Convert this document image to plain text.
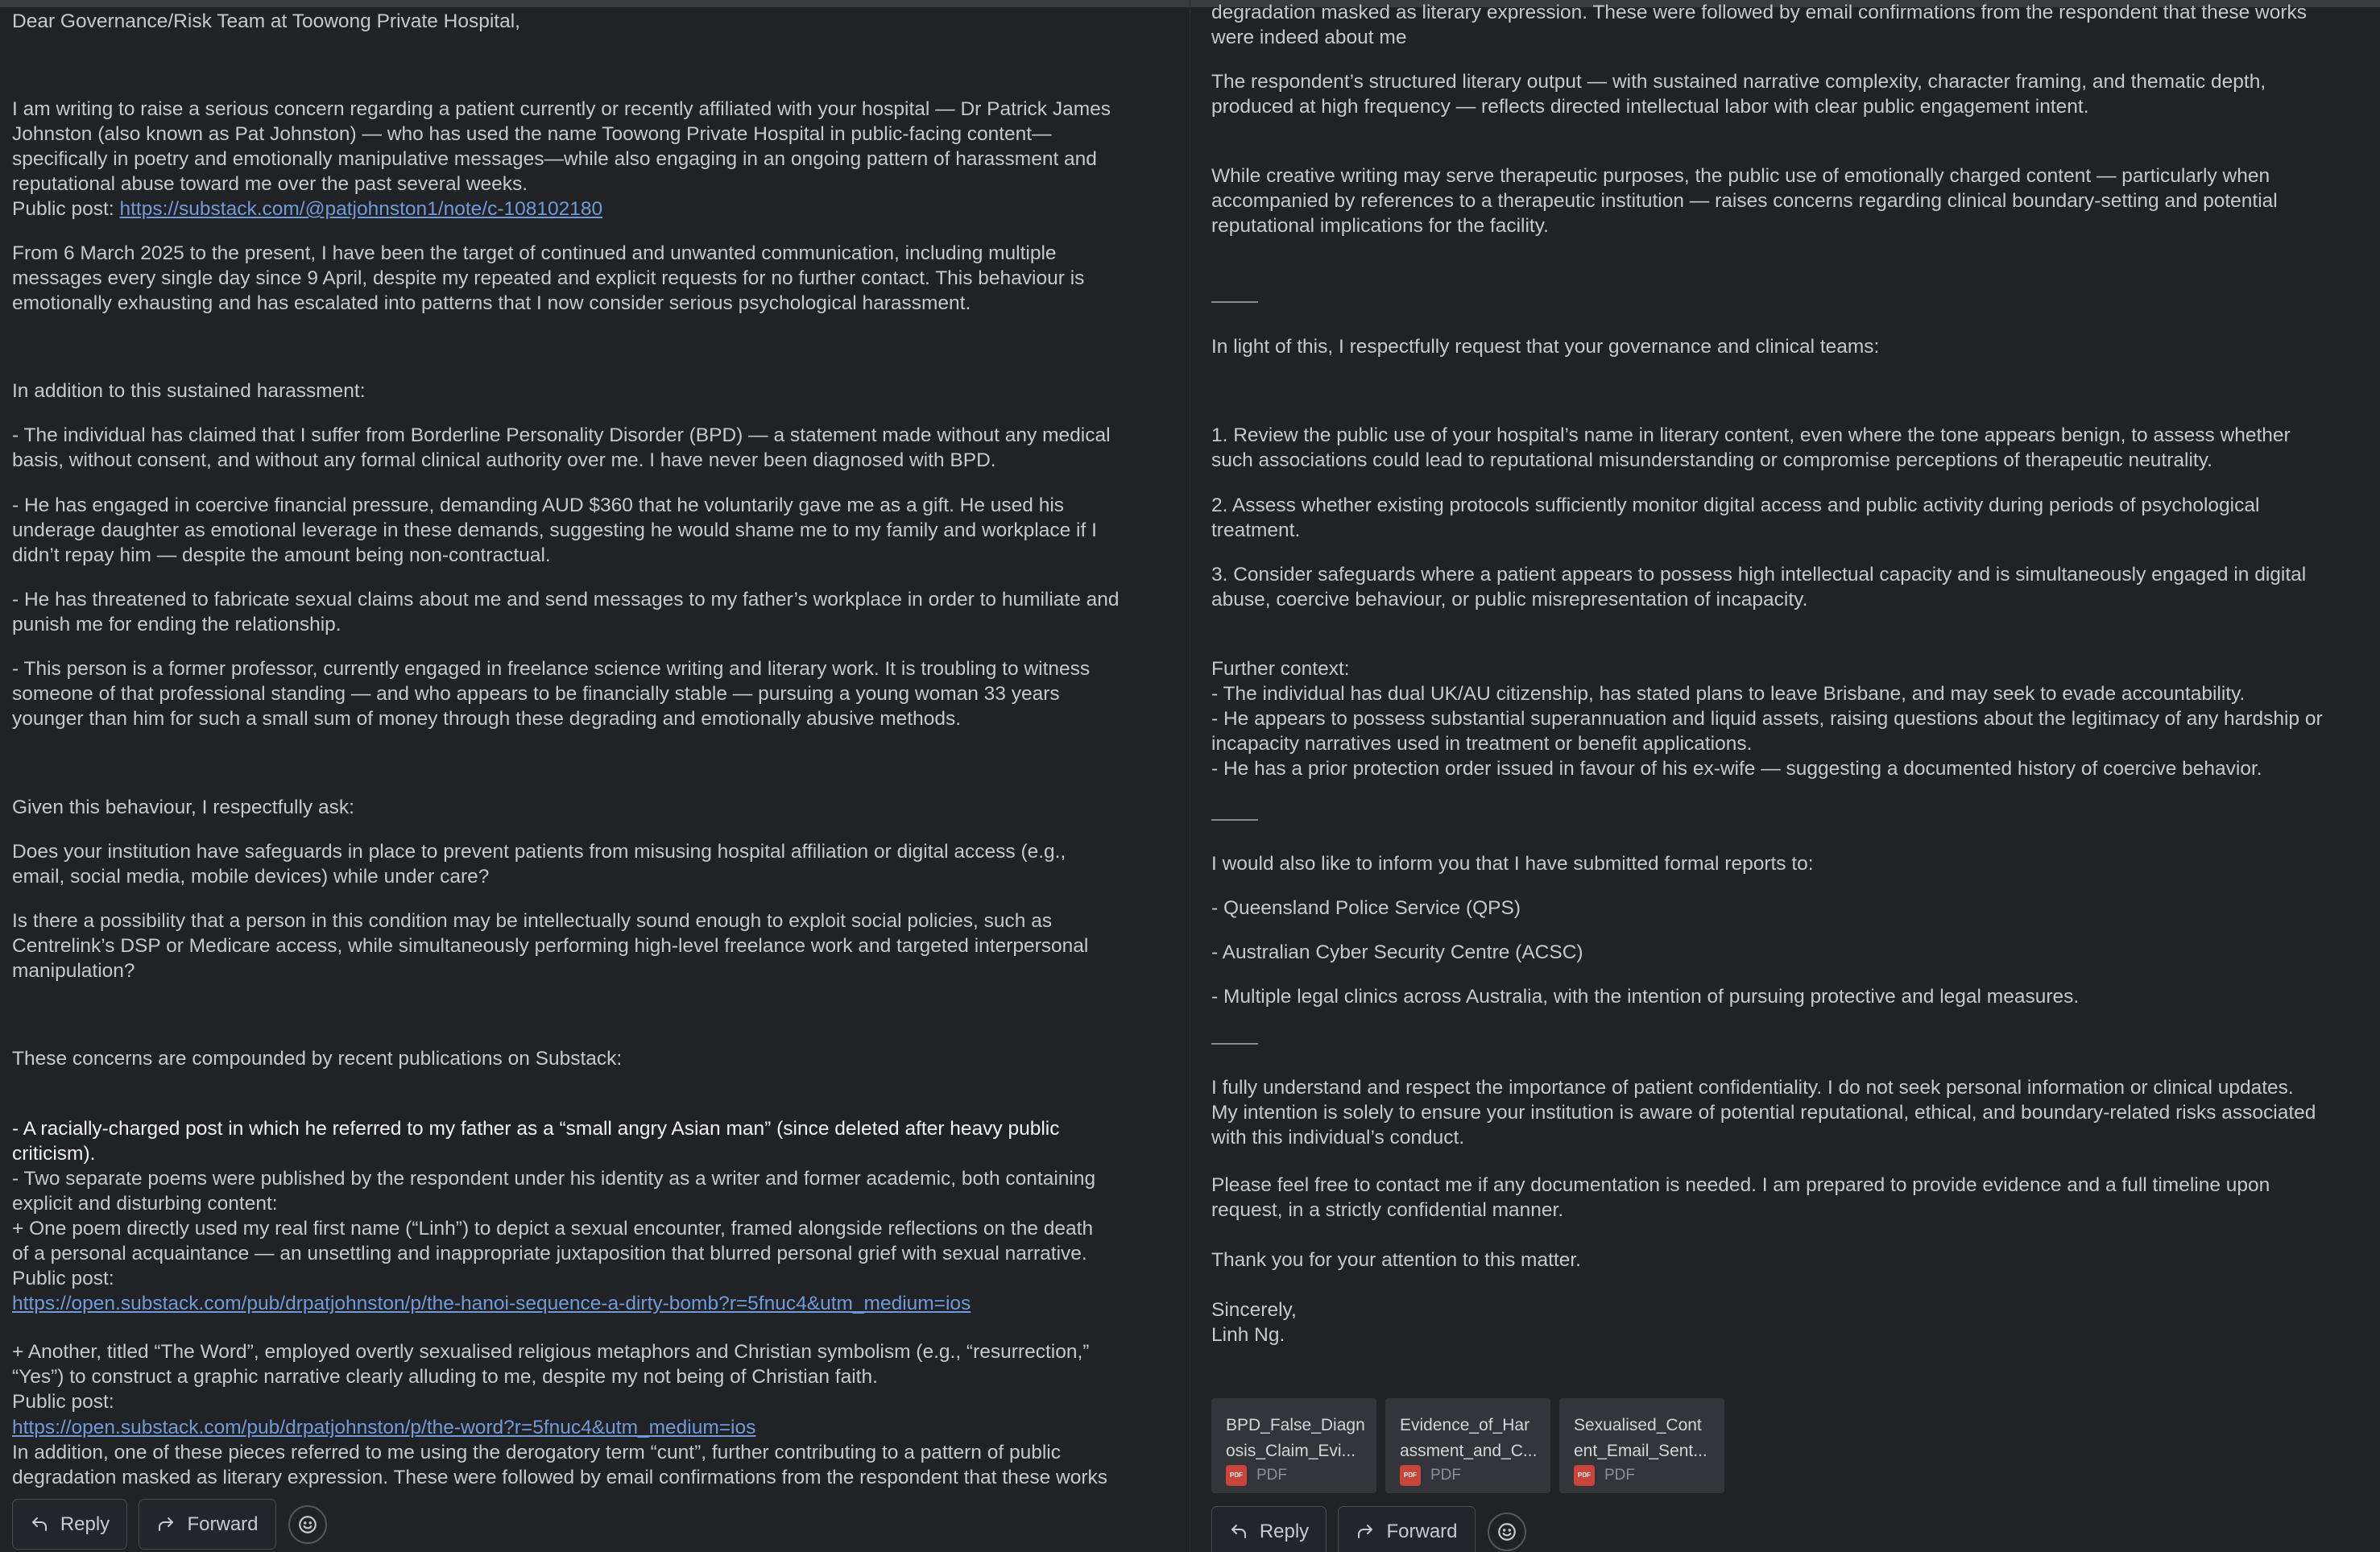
Dear Governance/Risk Team at Toowong Private Hospital,

I am writing to raise a serious concern regarding a patient currently or recently affiliated with your hospital — Dr Patrick James
Johnston (also known as Pat Johnston) — who has used the name Toowong Private Hospital in public-facing content—
specifically in poetry and emotionally manipulative messages—while also engaging in an ongoing pattern of harassment and
reputational abuse toward me over the past several weeks.

Public post: https://substack.com/@patjohnston1/note/c-108102180

From 6 March 2025 to the present, I have been the target of continued and unwanted communication, including multiple
messages every single day since 9 April, despite my repeated and explicit requests for no further contact. This behaviour is
emotionally exhausting and has escalated into patterns that I now consider serious psychological harassment.

In addition to this sustained harassment:

- The individual has claimed that I suffer from Borderline Personality Disorder (BPD) — a statement made without any medical
basis, without consent, and without any formal clinical authority over me. I have never been diagnosed with BPD.

- He has engaged in coercive financial pressure, demanding AUD $360 that he voluntarily gave me as a gift. He used his
underage daughter as emotional leverage in these demands, suggesting he would shame me to my family and workplace if I
didn’t repay him — despite the amount being non-contractual.

- He has threatened to fabricate sexual claims about me and send messages to my father’s workplace in order to humiliate and
punish me for ending the relationship.

- This person is a former professor, currently engaged in freelance science writing and literary work. It is troubling to witness
someone of that professional standing — and who appears to be financially stable — pursuing a young woman 33 years
younger than him for such a small sum of money through these degrading and emotionally abusive methods.

Given this behaviour, I respectfully ask:

Does your institution have safeguards in place to prevent patients from misusing hospital affiliation or digital access (e.g.,
email, social media, mobile devices) while under care?

Is there a possibility that a person in this condition may be intellectually sound enough to exploit social policies, such as
Centrelink’s DSP or Medicare access, while simultaneously performing high-level freelance work and targeted interpersonal
manipulation?

These concerns are compounded by recent publications on Substack:

- A racially-charged post in which he referred to my father as a “small angry Asian man” (since deleted after heavy public
criticism).

- Two separate poems were published by the respondent under his identity as a writer and former academic, both containing
explicit and disturbing content:
+ One poem directly used my real first name (“Linh”) to depict a sexual encounter, framed alongside reflections on the death
of a personal acquaintance — an unsettling and inappropriate juxtaposition that blurred personal grief with sexual narrative.
Public post:

https://open.substack.com/pub/drpatjohnston/p/the-hanoi-sequence-a-dirty-bomb?r=5fnuc4&utm_medium=ios

+ Another, titled “The Word”, employed overtly sexualised religious metaphors and Christian symbolism (e.g., “resurrection,”
“Yes”) to construct a graphic narrative clearly alluding to me, despite my not being of Christian faith.
Public post:

https://open.substack.com/pub/drpatjohnston/p/the-word?r=5fnuc4&utm_medium=ios

In addition, one of these pieces referred to me using the derogatory term “cunt”, further contributing to a pattern of public
degradation masked as literary expression. These were followed by email confirmations from the respondent that these works

Reply	Forward

degradation masked as literary expression. These were followed by email confirmations from the respondent that these works
were indeed about me

The respondent’s structured literary output — with sustained narrative complexity, character framing, and thematic depth,
produced at high frequency — reflects directed intellectual labor with clear public engagement intent.

While creative writing may serve therapeutic purposes, the public use of emotionally charged content — particularly when
accompanied by references to a therapeutic institution — raises concerns regarding clinical boundary-setting and potential
reputational implications for the facility.

In light of this, I respectfully request that your governance and clinical teams:

1. Review the public use of your hospital’s name in literary content, even where the tone appears benign, to assess whether
such associations could lead to reputational misunderstanding or compromise perceptions of therapeutic neutrality.

2. Assess whether existing protocols sufficiently monitor digital access and public activity during periods of psychological
treatment.

3. Consider safeguards where a patient appears to possess high intellectual capacity and is simultaneously engaged in digital
abuse, coercive behaviour, or public misrepresentation of incapacity.

Further context:
- The individual has dual UK/AU citizenship, has stated plans to leave Brisbane, and may seek to evade accountability.
- He appears to possess substantial superannuation and liquid assets, raising questions about the legitimacy of any hardship or
incapacity narratives used in treatment or benefit applications.
- He has a prior protection order issued in favour of his ex-wife — suggesting a documented history of coercive behavior.

I would also like to inform you that I have submitted formal reports to:

- Queensland Police Service (QPS)

- Australian Cyber Security Centre (ACSC)

- Multiple legal clinics across Australia, with the intention of pursuing protective and legal measures.

I fully understand and respect the importance of patient confidentiality. I do not seek personal information or clinical updates.
My intention is solely to ensure your institution is aware of potential reputational, ethical, and boundary-related risks associated
with this individual’s conduct.

Please feel free to contact me if any documentation is needed. I am prepared to provide evidence and a full timeline upon
request, in a strictly confidential manner.

Thank you for your attention to this matter.

Sincerely,
Linh Ng.

BPD_False_Diagn
osis_Claim_Evi...
PDF PDF
Evidence_of_Har
assment_and_C...
PDF PDF
Sexualised_Cont
ent_Email_Sent...
PDF PDF
Reply	Forward
